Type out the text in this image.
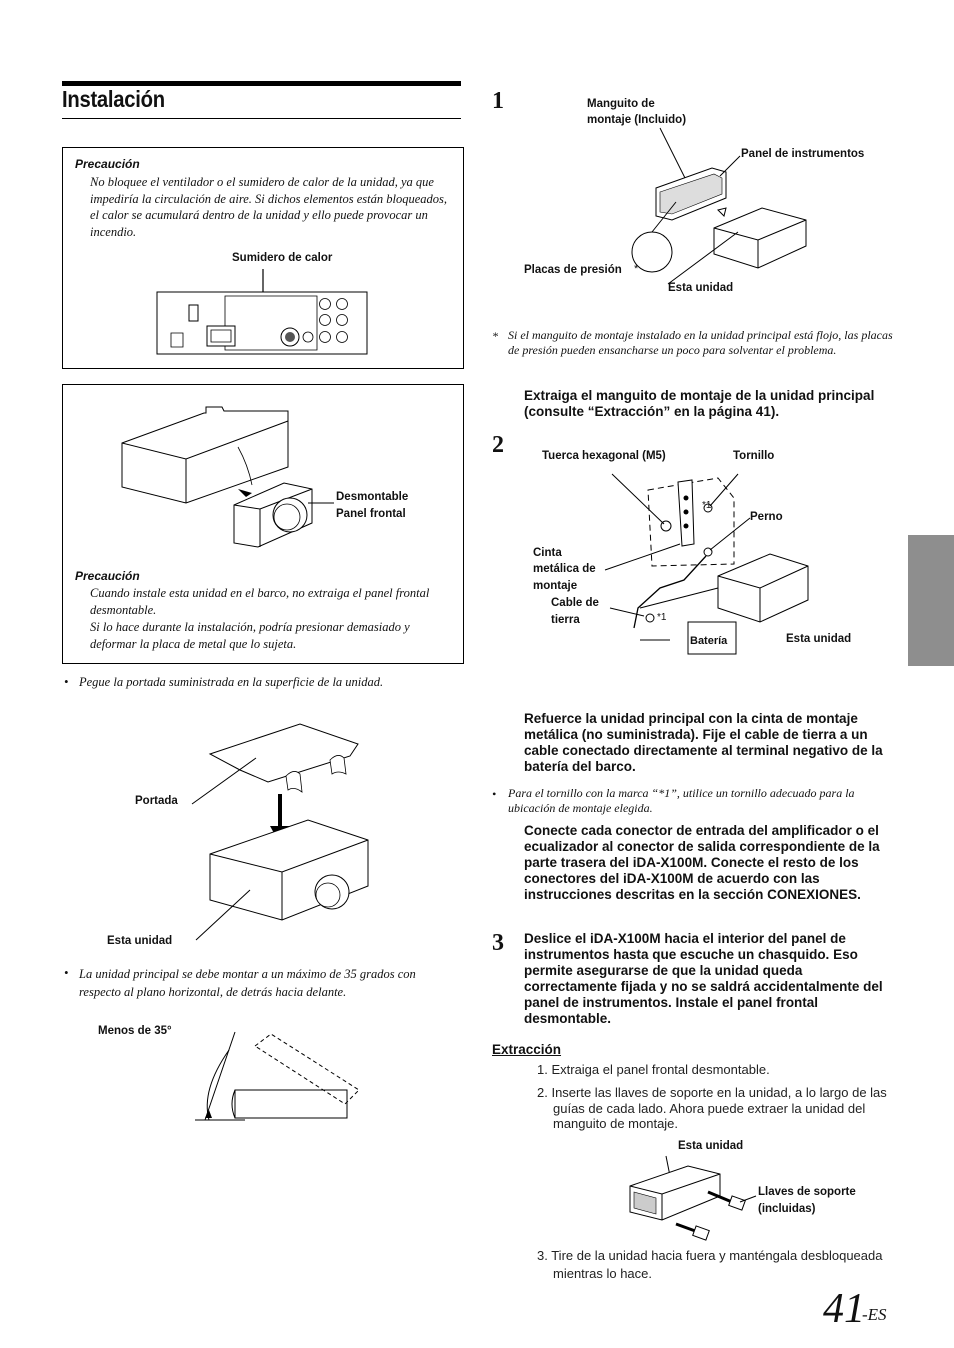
Instalación
Precaución
No bloquee el ventilador o el sumidero de calor de la unidad, ya que impediría la circulación de aire. Si dichos elementos están bloqueados, el calor se acumulará dentro de la unidad y ello puede provocar un incendio.
Sumidero de calor
Desmontable
Panel frontal
Precaución
Cuando instale esta unidad en el barco, no extraiga el panel frontal desmontable.
Si lo hace durante la instalación, podría presionar demasiado y deformar la placa de metal que lo sujeta.
• Pegue la portada suministrada en la superficie de la unidad.
Portada
Esta unidad
• La unidad principal se debe montar a un máximo de 35 grados con respecto al plano horizontal, de detrás hacia delante.
Menos de 35°
1	Manguito de
montaje (Incluido)
Panel de instrumentos
Placas de presión *
Esta unidad
* Si el manguito de montaje instalado en la unidad principal está flojo, las placas de presión pueden ensancharse un poco para solventar el problema.
Extraiga el manguito de montaje de la unidad principal (consulte “Extracción” en la página 41).
2	Tuerca hexagonal (M5)	Tornillo
Perno
Cinta
metálica de
montaje
Cable de
tierra
Esta unidad
*1
*1
Batería
Refuerce la unidad principal con la cinta de montaje metálica (no suministrada). Fije el cable de tierra a un cable conectado directamente al terminal negativo de la batería del barco.
• Para el tornillo con la marca “*1”, utilice un tornillo adecuado para la ubicación de montaje elegida.
Conecte cada conector de entrada del amplificador o el ecualizador al conector de salida correspondiente de la parte trasera del iDA-X100M. Conecte el resto de los conectores del iDA-X100M de acuerdo con las instrucciones descritas en la sección CONEXIONES.
3 Deslice el iDA-X100M hacia el interior del panel de instrumentos hasta que escuche un chasquido. Eso permite asegurarse de que la unidad queda correctamente fijada y no se saldrá accidentalmente del panel de instrumentos. Instale el panel frontal desmontable.
Extracción
1. Extraiga el panel frontal desmontable.
2. Inserte las llaves de soporte en la unidad, a lo largo de las guías de cada lado. Ahora puede extraer la unidad del manguito de montaje.
Esta unidad
Llaves de soporte
(incluidas)
3. Tire de la unidad hacia fuera y manténgala desbloqueada mientras lo hace.
41
-ES
